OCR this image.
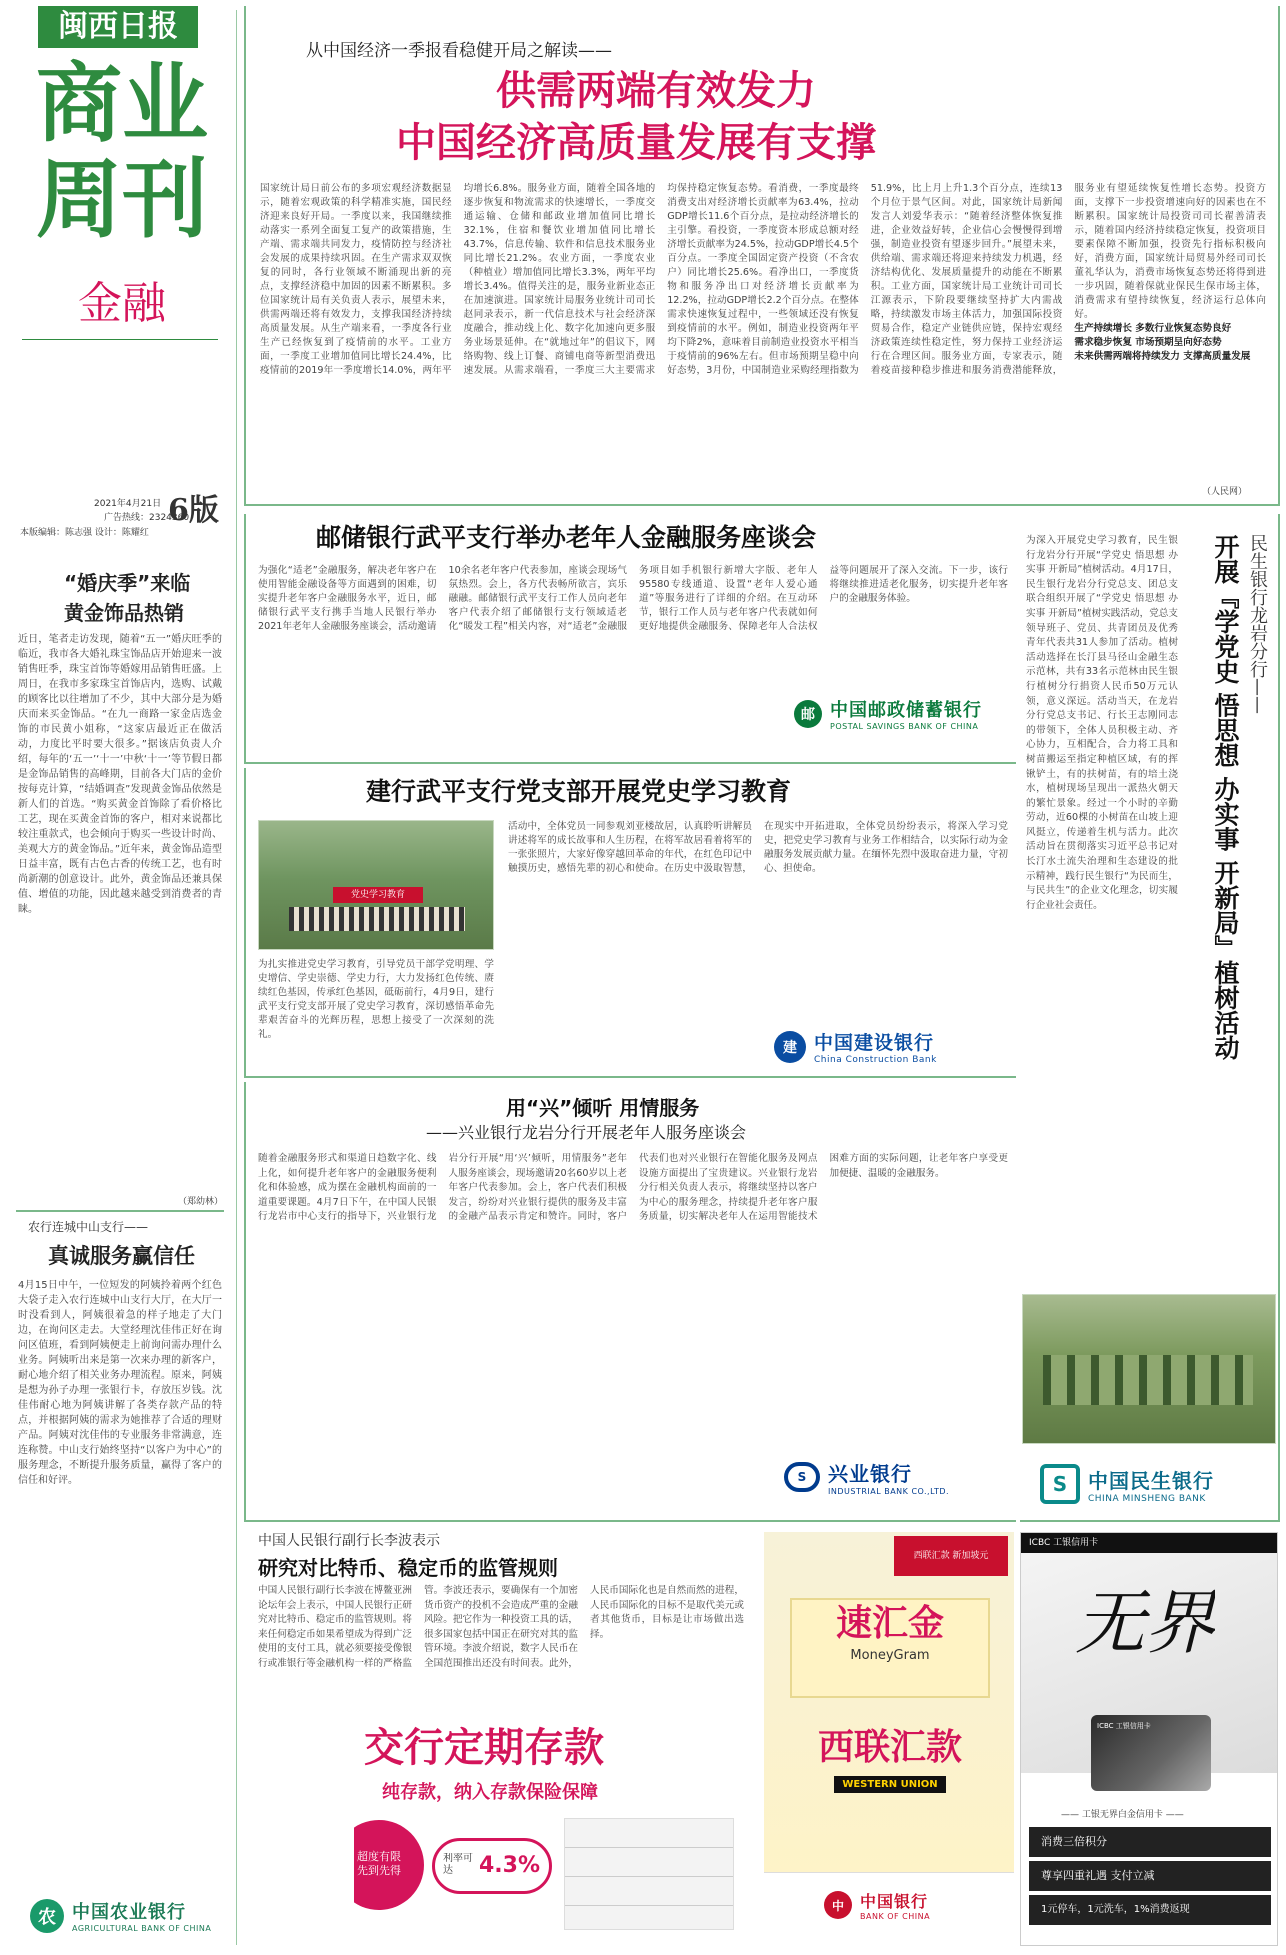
闽西日报
商业
周刊
金融
2021年4月21日
广告热线：2324360
本版编辑：陈志强 设计：陈耀红
6版
“婚庆季”来临
黄金饰品热销
近日，笔者走访发现，随着“五一”婚庆旺季的临近，我市各大婚礼珠宝饰品店开始迎来一波销售旺季，珠宝首饰等婚嫁用品销售旺盛。上周日，在我市多家珠宝首饰店内，选购、试戴的顾客比以往增加了不少，其中大部分是为婚庆而来买金饰品。“在九一商路一家金店选金饰的市民黄小姐称，“这家店最近正在做活动，力度比平时要大很多。”据该店负责人介绍，每年的‘五一’‘十一’中秋‘十一’等节假日都是金饰品销售的高峰期，目前各大门店的金价按每克计算，“结婚调查”发现黄金饰品依然是新人们的首选。“购买黄金首饰除了看价格比工艺，现在买黄金首饰的客户，相对来说都比较注重款式，也会倾向于购买一些设计时尚、美观大方的黄金饰品。”近年来，黄金饰品造型日益丰富，既有古色古香的传统工艺，也有时尚新潮的创意设计。此外，黄金饰品还兼具保值、增值的功能，因此越来越受到消费者的青睐。
（郑幼林）
农行连城中山支行——
真诚服务赢信任
4月15日中午，一位短发的阿姨拎着两个红色大袋子走入农行连城中山支行大厅，在大厅一时没看到人，阿姨很着急的样子地走了大门边，在询问区走去。大堂经理沈佳伟正好在询问区值班，看到阿姨便走上前询问需办理什么业务。阿姨听出来是第一次来办理的新客户，耐心地介绍了相关业务办理流程。原来，阿姨是想为孙子办理一张银行卡，存放压岁钱。沈佳伟耐心地为阿姨讲解了各类存款产品的特点，并根据阿姨的需求为她推荐了合适的理财产品。阿姨对沈佳伟的专业服务非常满意，连连称赞。中山支行始终坚持“以客户为中心”的服务理念，不断提升服务质量，赢得了客户的信任和好评。
农 中国农业银行
AGRICULTURAL BANK OF CHINA
从中国经济一季报看稳健开局之解读——
供需两端有效发力
中国经济高质量发展有支撑
国家统计局日前公布的多项宏观经济数据显示，随着宏观政策的科学精准实施，国民经济迎来良好开局。一季度以来，我国继续推动落实一系列全面复工复产的政策措施，生产端、需求端共同发力，疫情防控与经济社会发展的成果持续巩固。在生产需求双双恢复的同时，各行业领域不断涌现出新的亮点，支撑经济稳中加固的因素不断累积。多位国家统计局有关负责人表示，展望未来，供需两端还将有效发力，支撑我国经济持续高质量发展。从生产端来看，一季度各行业生产已经恢复到了疫情前的水平。工业方面，一季度工业增加值同比增长24.4%，比疫情前的2019年一季度增长14.0%，两年平均增长6.8%。服务业方面，随着全国各地的逐步恢复和物流需求的快速增长，一季度交通运输、仓储和邮政业增加值同比增长32.1%，住宿和餐饮业增加值同比增长43.7%，信息传输、软件和信息技术服务业同比增长21.2%。农业方面，一季度农业（种植业）增加值同比增长3.3%，两年平均增长3.4%。值得关注的是，服务业新业态正在加速演进。国家统计局服务业统计司司长赵同录表示，新一代信息技术与社会经济深度融合，推动线上化、数字化加速向更多服务业场景延伸。在“就地过年”的倡议下，网络购物、线上订餐、商铺电商等新型消费迅速发展。从需求端看，一季度三大主要需求均保持稳定恢复态势。看消费，一季度最终消费支出对经济增长贡献率为63.4%，拉动GDP增长11.6个百分点，是拉动经济增长的主引擎。看投资，一季度资本形成总额对经济增长贡献率为24.5%，拉动GDP增长4.5个百分点。一季度全国固定资产投资（不含农户）同比增长25.6%。看净出口，一季度货物和服务净出口对经济增长贡献率为12.2%，拉动GDP增长2.2个百分点。在整体需求快速恢复过程中，一些领域还没有恢复到疫情前的水平。例如，制造业投资两年平均下降2%，意味着目前制造业投资水平相当于疫情前的96%左右。但市场预期呈稳中向好态势，3月份，中国制造业采购经理指数为51.9%，比上月上升1.3个百分点，连续13个月位于景气区间。对此，国家统计局新闻发言人刘爱华表示：“随着经济整体恢复推进，企业效益好转，企业信心会慢慢得到增强，制造业投资有望逐步回升。”展望未来，供给端、需求端还将迎来持续发力机遇，经济结构优化、发展质量提升的动能在不断累积。工业方面，国家统计局工业统计司司长江源表示，下阶段要继续坚持扩大内需战略，持续激发市场主体活力，加强国际投资贸易合作，稳定产业链供应链，保持宏观经济政策连续性稳定性，努力保持工业经济运行在合理区间。服务业方面，专家表示，随着疫苗接种稳步推进和服务消费潜能释放，服务业有望延续恢复性增长态势。投资方面，支撑下一步投资增速向好的因素也在不断累积。国家统计局投资司司长翟善清表示，随着国内经济持续稳定恢复，投资项目要素保障不断加强，投资先行指标积极向好，消费方面，国家统计局贸易外经司司长董礼华认为，消费市场恢复态势还将得到进一步巩固，随着保就业保民生保市场主体，消费需求有望持续恢复，经济运行总体向好。
生产持续增长 多数行业恢复态势良好
需求稳步恢复 市场预期呈向好态势
未来供需两端将持续发力 支撑高质量发展
（人民网）
邮储银行武平支行举办老年人金融服务座谈会
为强化“适老”金融服务，解决老年客户在使用智能金融设备等方面遇到的困难，切实提升老年客户金融服务水平，近日，邮储银行武平支行携手当地人民银行举办2021年老年人金融服务座谈会，活动邀请10余名老年客户代表参加，座谈会现场气氛热烈。会上，各方代表畅所欲言，宾乐融融。邮储银行武平支行工作人员向老年客户代表介绍了邮储银行支行领域适老化“暖发工程”相关内容，对“适老”金融服务项目如手机银行新增大字版、老年人95580专线通道、设置“老年人爱心通道”等服务进行了详细的介绍。在互动环节，银行工作人员与老年客户代表就如何更好地提供金融服务、保障老年人合法权益等问题展开了深入交流。下一步，该行将继续推进适老化服务，切实提升老年客户的金融服务体验。
邮 中国邮政储蓄银行
POSTAL SAVINGS BANK OF CHINA
建行武平支行党支部开展党史学习教育
党史学习教育
为扎实推进党史学习教育，引导党员干部学党明理、学史增信、学史崇德、学史力行，大力发扬红色传统、赓续红色基因，传承红色基因，砥砺前行，4月9日，建行武平支行党支部开展了党史学习教育，深切感悟革命先辈艰苦奋斗的光辉历程，思想上接受了一次深刻的洗礼。
活动中，全体党员一同参观刘亚楼故居，认真聆听讲解员讲述将军的成长故事和人生历程，在将军故居看着将军的一张张照片，大家好像穿越回革命的年代，在红色印记中触摸历史，感悟先辈的初心和使命。在历史中汲取智慧，在现实中开拓进取，全体党员纷纷表示，将深入学习党史，把党史学习教育与业务工作相结合，以实际行动为金融服务发展贡献力量。在缅怀先烈中汲取奋进力量，守初心、担使命。
建 中国建设银行
China Construction Bank
用“兴”倾听 用情服务
——兴业银行龙岩分行开展老年人服务座谈会
随着金融服务形式和渠道日趋数字化、线上化，如何提升老年客户的金融服务便利化和体验感，成为摆在金融机构面前的一道重要课题。4月7日下午，在中国人民银行龙岩市中心支行的指导下，兴业银行龙岩分行开展“用‘兴’倾听，用情服务”老年人服务座谈会，现场邀请20名60岁以上老年客户代表参加。会上，客户代表们积极发言，纷纷对兴业银行提供的服务及丰富的金融产品表示肯定和赞许。同时，客户代表们也对兴业银行在智能化服务及网点设施方面提出了宝贵建议。兴业银行龙岩分行相关负责人表示，将继续坚持以客户为中心的服务理念，持续提升老年客户服务质量，切实解决老年人在运用智能技术困难方面的实际问题，让老年客户享受更加便捷、温暖的金融服务。
S	兴业银行
INDUSTRIAL BANK CO.,LTD.
民生银行龙岩分行——
开展『学党史 悟思想 办实事 开新局』植树活动
为深入开展党史学习教育，民生银行龙岩分行开展“学党史 悟思想 办实事 开新局”植树活动。4月17日，民生银行龙岩分行党总支、团总支联合组织开展了“学党史 悟思想 办实事 开新局”植树实践活动，党总支领导班子、党员、共青团员及优秀青年代表共31人参加了活动。植树活动选择在长汀县马径山金融生态示范林，共有33名示范林由民生银行植树分行捐资人民币50万元认领，意义深远。活动当天，在龙岩分行党总支书记、行长王志刚同志的带领下，全体人员积极主动、齐心协力，互相配合，合力将工具和树苗搬运至指定种植区域，有的挥锹铲土，有的扶树苗，有的培土浇水，植树现场呈现出一派热火朝天的繁忙景象。经过一个小时的辛勤劳动，近60棵的小树苗在山坡上迎风挺立，传递着生机与活力。此次活动旨在贯彻落实习近平总书记对长汀水土流失治理和生态建设的批示精神，践行民生银行“为民而生，与民共生”的企业文化理念，切实履行企业社会责任。
S	中国民生银行
CHINA MINSHENG BANK
中国人民银行副行长李波表示
研究对比特币、稳定币的监管规则
中国人民银行副行长李波在博鳌亚洲论坛年会上表示，中国人民银行正研究对比特币、稳定币的监管规则。将来任何稳定币如果希望成为得到广泛使用的支付工具，就必须要接受像银行或准银行等金融机构一样的严格监管。李波还表示，要确保有一个加密货币资产的投机不会造成严重的金融风险。把它作为一种投资工具的话，很多国家包括中国正在研究对其的监管环境。李波介绍说，数字人民币在全国范围推出还没有时间表。此外，人民币国际化也是自然而然的进程，人民币国际化的目标不是取代美元或者其他货币，目标是让市场做出选择。
交行定期存款
纯存款，纳入存款保险保障
超度有限
先到先得
利率可达	4.3%
西联汇款 新加坡元
速汇金
MoneyGram
西联汇款
WESTERN UNION
中	中国银行
BANK OF CHINA
ICBC 工银信用卡
无界
ICBC 工银信用卡
—— 工银无界白金信用卡 ——
消费三倍积分
尊享四重礼遇 支付立减
1元停车，1元洗车，1%消费返现
